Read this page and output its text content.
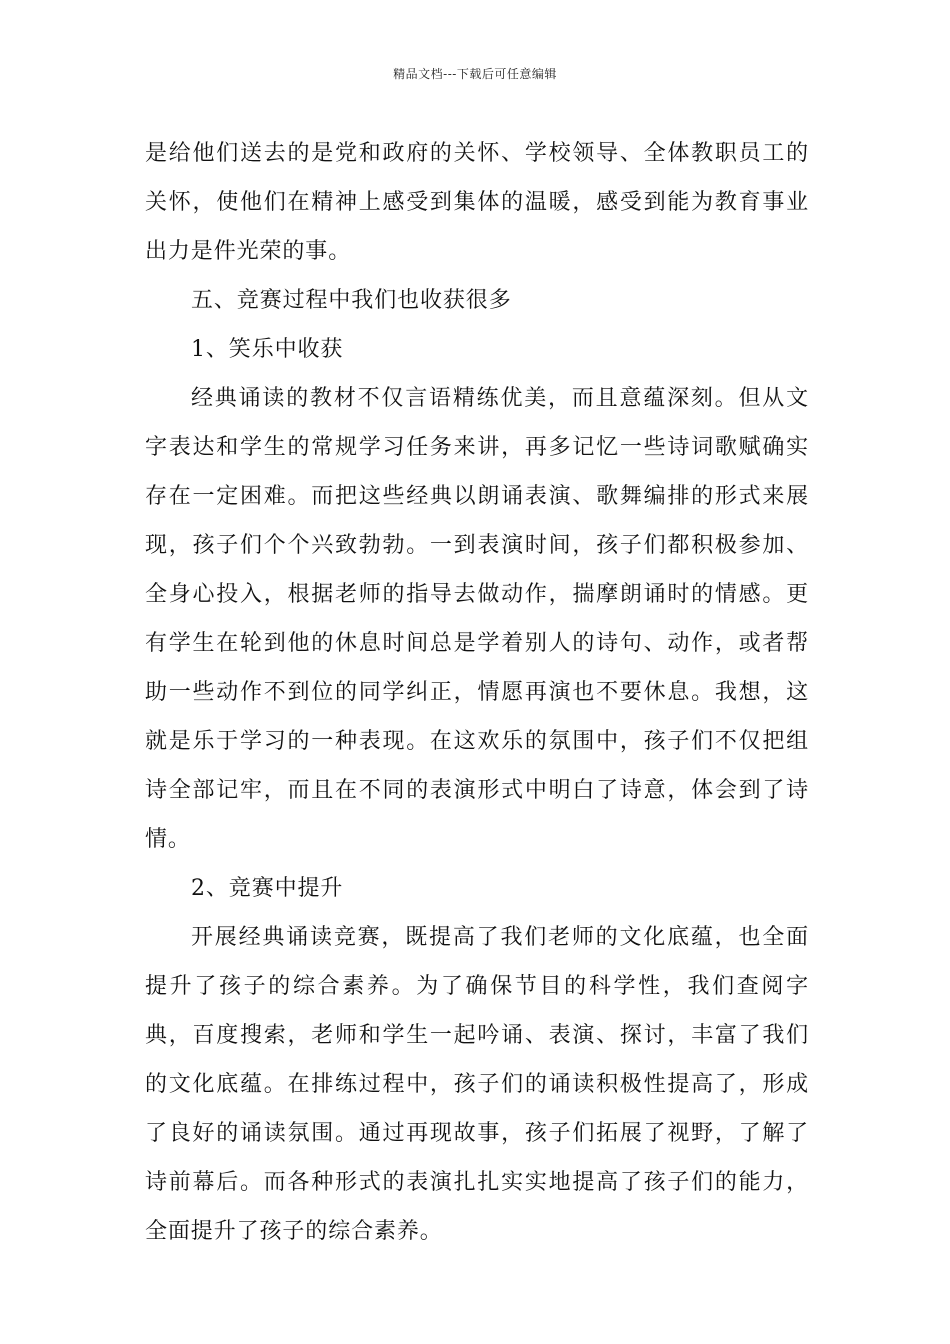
精品文档---下载后可任意编辑

是给他们送去的是党和政府的关怀、学校领导、全体教职员工的关怀，使他们在精神上感受到集体的温暖，感受到能为教育事业出力是件光荣的事。

五、竞赛过程中我们也收获很多

1、笑乐中收获

经典诵读的教材不仅言语精练优美，而且意蕴深刻。但从文字表达和学生的常规学习任务来讲，再多记忆一些诗词歌赋确实存在一定困难。而把这些经典以朗诵表演、歌舞编排的形式来展现，孩子们个个兴致勃勃。一到表演时间，孩子们都积极参加、全身心投入，根据老师的指导去做动作，揣摩朗诵时的情感。更有学生在轮到他的休息时间总是学着别人的诗句、动作，或者帮助一些动作不到位的同学纠正，情愿再演也不要休息。我想，这就是乐于学习的一种表现。在这欢乐的氛围中，孩子们不仅把组诗全部记牢，而且在不同的表演形式中明白了诗意，体会到了诗情。

2、竞赛中提升

开展经典诵读竞赛，既提高了我们老师的文化底蕴，也全面提升了孩子的综合素养。为了确保节目的科学性，我们查阅字典，百度搜索，老师和学生一起吟诵、表演、探讨，丰富了我们的文化底蕴。在排练过程中，孩子们的诵读积极性提高了，形成了良好的诵读氛围。通过再现故事，孩子们拓展了视野，了解了诗前幕后。而各种形式的表演扎扎实实地提高了孩子们的能力，全面提升了孩子的综合素养。
